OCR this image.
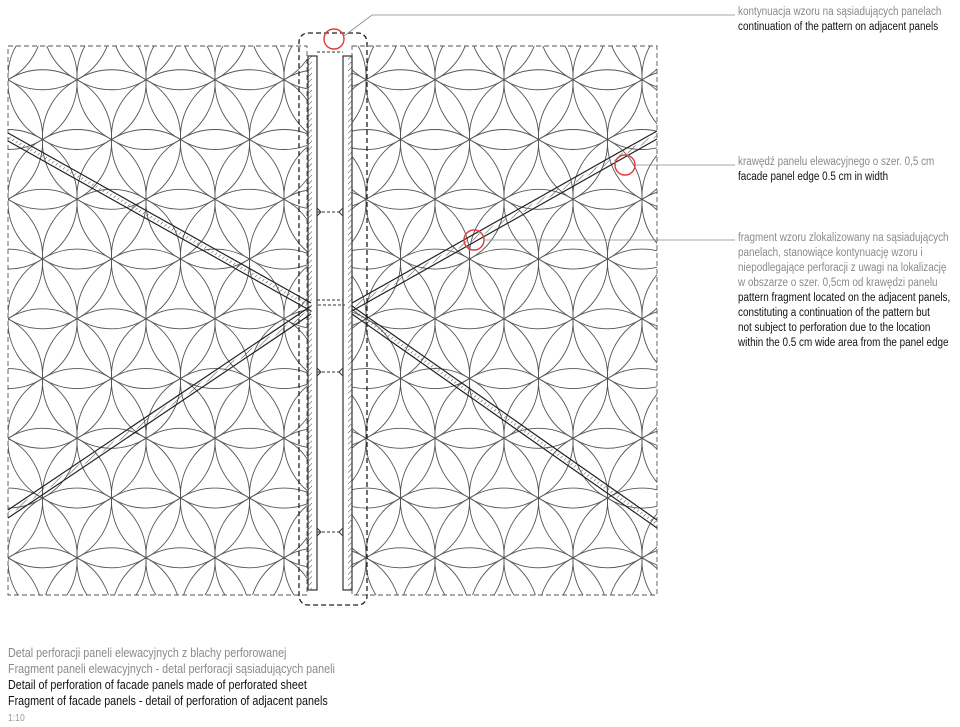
kontynuacja wzoru na sąsiadujących panelach
continuation of the pattern on adjacent panels
krawędź panelu elewacyjnego o szer. 0,5 cm
facade panel edge 0.5 cm in width
fragment wzoru zlokalizowany na sąsiadujących
panelach, stanowiące kontynuację wzoru i
niepodlegające perforacji z uwagi na lokalizację
w obszarze o szer. 0,5cm od krawędzi panelu
pattern fragment located on the adjacent panels,
constituting a continuation of the pattern but
not subject to perforation due to the location
within the 0.5 cm wide area from the panel edge
Detal perforacji paneli elewacyjnych z blachy perforowanej
Fragment paneli elewacyjnych - detal perforacji sąsiadujących paneli
Detail of perforation of facade panels made of perforated sheet
Fragment of facade panels - detail of perforation of adjacent panels
1:10
